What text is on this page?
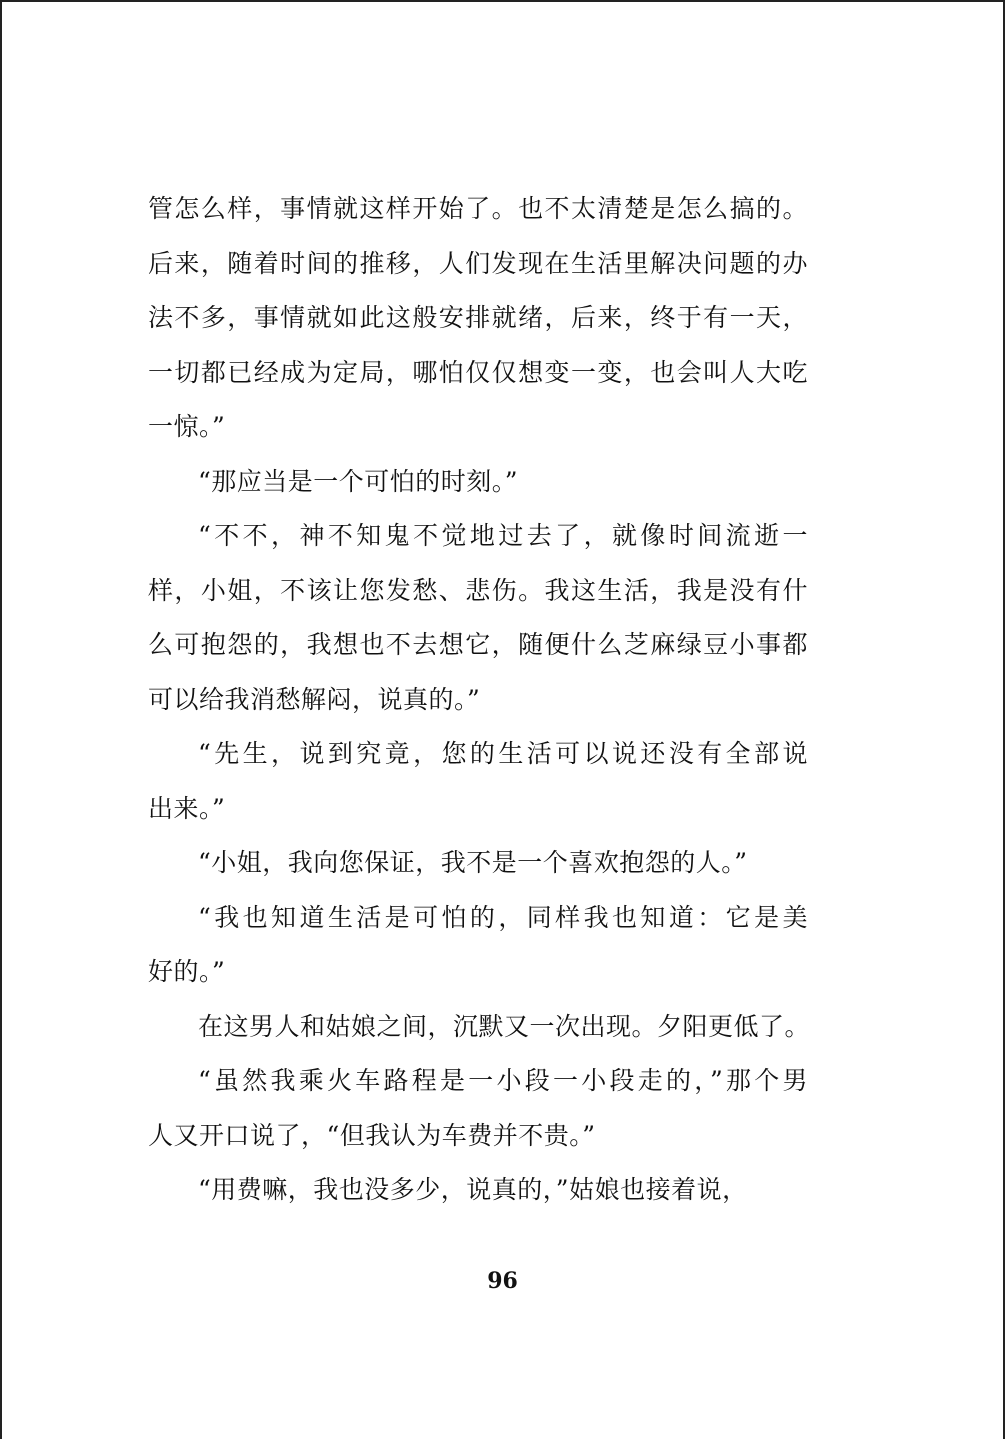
管怎么样，事情就这样开始了。也不太清楚是怎么搞的。
后来，随着时间的推移，人们发现在生活里解决问题的办
法不多，事情就如此这般安排就绪，后来，终于有一天，
一切都已经成为定局，哪怕仅仅想变一变，也会叫人大吃
一惊。”
“那应当是一个可怕的时刻。”
“不不，神不知鬼不觉地过去了，就像时间流逝一
样，小姐，不该让您发愁、悲伤。我这生活，我是没有什
么可抱怨的，我想也不去想它，随便什么芝麻绿豆小事都
可以给我消愁解闷，说真的。”
“先生，说到究竟，您的生活可以说还没有全部说
出来。”
“小姐，我向您保证，我不是一个喜欢抱怨的人。”
“我也知道生活是可怕的，同样我也知道：它是美
好的。”
在这男人和姑娘之间，沉默又一次出现。夕阳更低了。
“虽然我乘火车路程是一小段一小段走的，”那个男
人又开口说了，“但我认为车费并不贵。”
“用费嘛，我也没多少，说真的，”姑娘也接着说，
96
